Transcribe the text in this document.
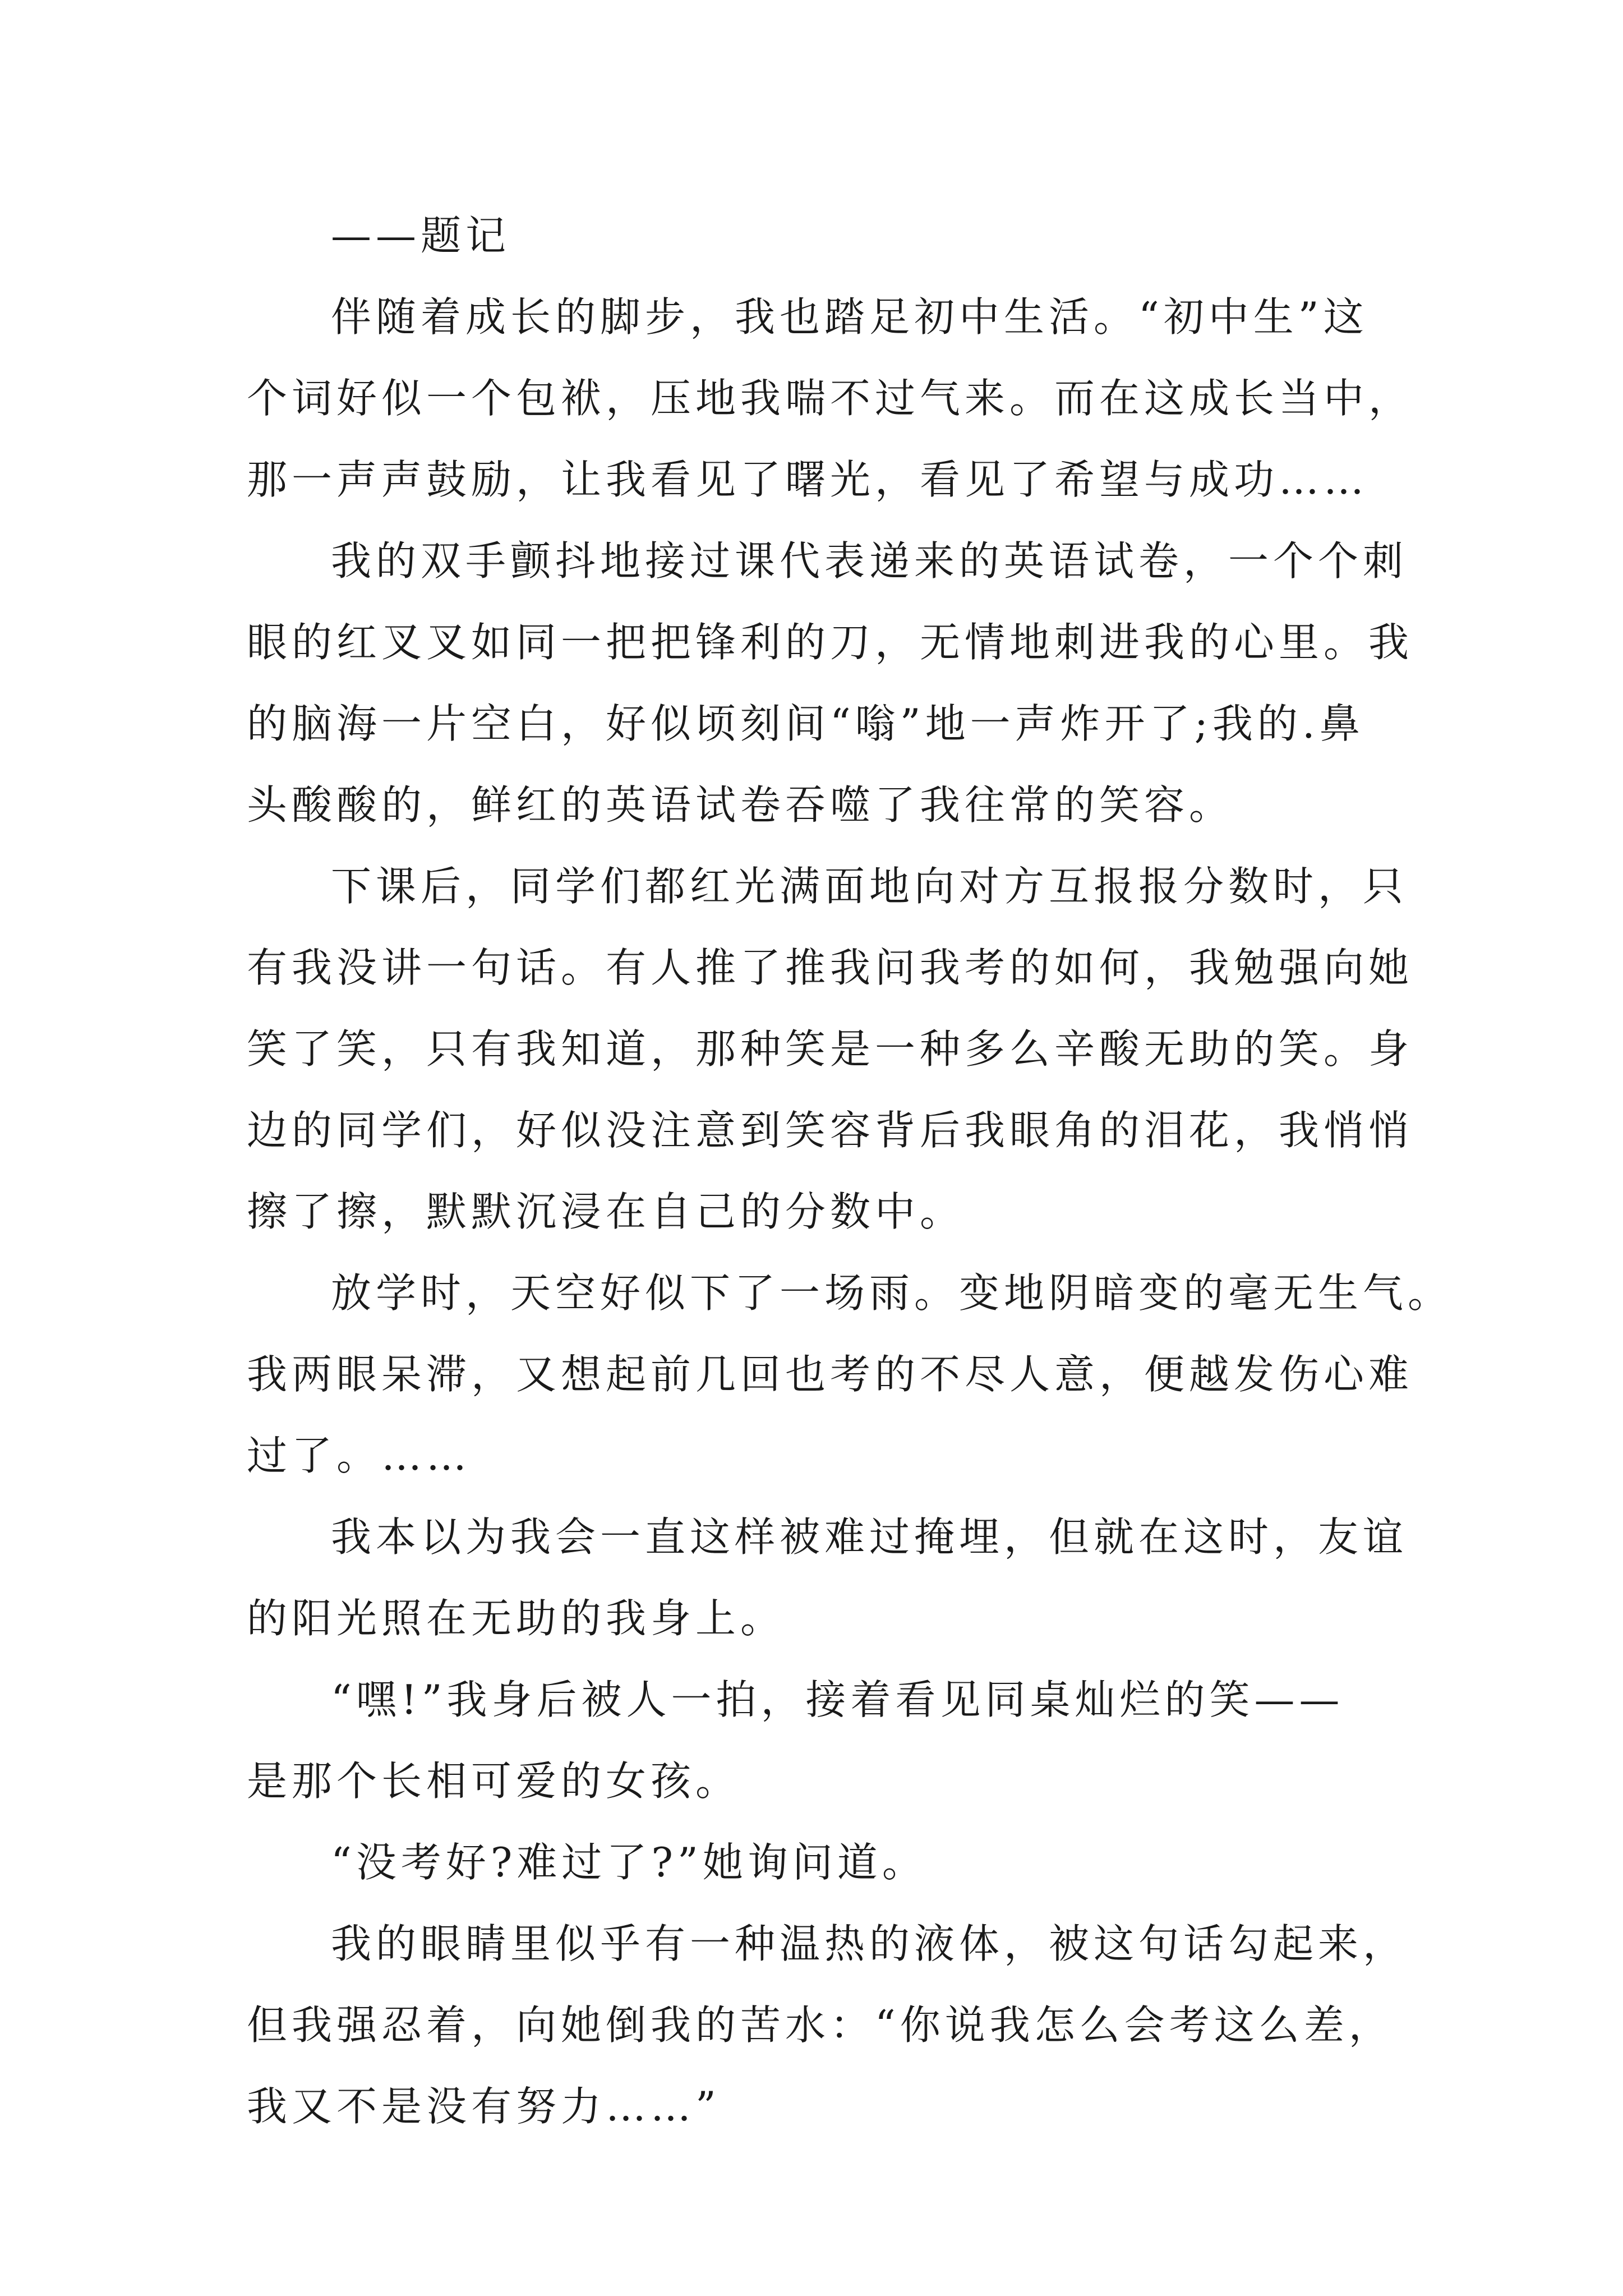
——题记

伴随着成长的脚步，我也踏足初中生活。“初中生”这

个词好似一个包袱，压地我喘不过气来。而在这成长当中，

那一声声鼓励，让我看见了曙光，看见了希望与成功……

我的双手颤抖地接过课代表递来的英语试卷，一个个刺

眼的红叉叉如同一把把锋利的刀，无情地刺进我的心里。我

的脑海一片空白，好似顷刻间“嗡”地一声炸开了;我的.鼻

头酸酸的，鲜红的英语试卷吞噬了我往常的笑容。

下课后，同学们都红光满面地向对方互报报分数时，只

有我没讲一句话。有人推了推我问我考的如何，我勉强向她

笑了笑，只有我知道，那种笑是一种多么辛酸无助的笑。身

边的同学们，好似没注意到笑容背后我眼角的泪花，我悄悄

擦了擦，默默沉浸在自己的分数中。

放学时，天空好似下了一场雨。变地阴暗变的毫无生气。

我两眼呆滞，又想起前几回也考的不尽人意，便越发伤心难

过了。……

我本以为我会一直这样被难过掩埋，但就在这时，友谊

的阳光照在无助的我身上。

“嘿!”我身后被人一拍，接着看见同桌灿烂的笑——

是那个长相可爱的女孩。

“没考好?难过了?”她询问道。

我的眼睛里似乎有一种温热的液体，被这句话勾起来，

但我强忍着，向她倒我的苦水：“你说我怎么会考这么差，

我又不是没有努力……”
